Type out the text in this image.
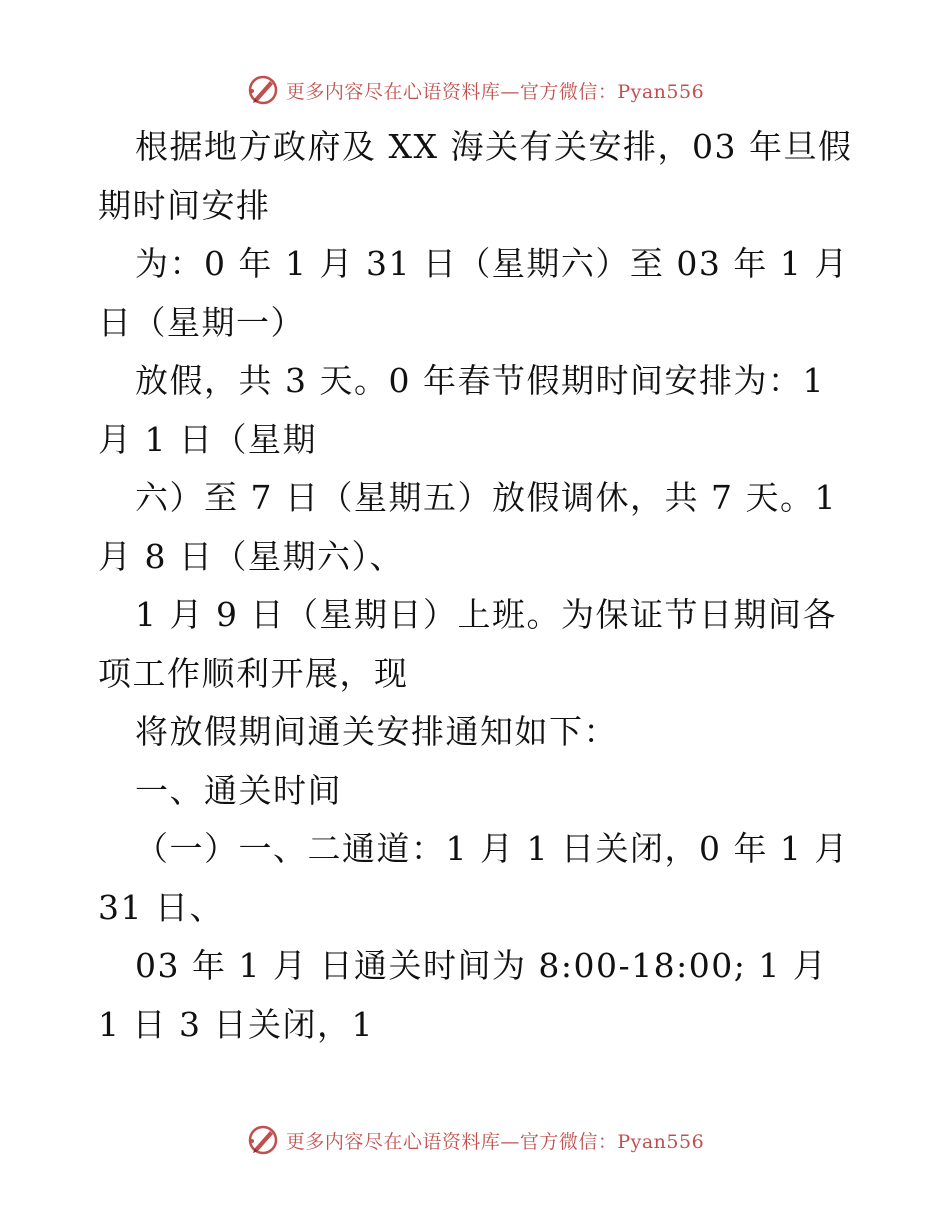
更多内容尽在心语资料库—官方微信：Pyan556
根据地方政府及 XX 海关有关安排，03 年旦假
期时间安排
为：0 年 1 月 31 日（星期六）至 03 年 1 月
日（星期一）
放假，共 3 天。0 年春节假期时间安排为：1
月 1 日（星期
六）至 7 日（星期五）放假调休，共 7 天。1
月 8 日（星期六）、
1 月 9 日（星期日）上班。为保证节日期间各
项工作顺利开展，现
将放假期间通关安排通知如下：
一、通关时间
（一）一、二通道：1 月 1 日关闭，0 年 1 月
31 日、
03 年 1 月 日通关时间为 8:00-18:00; 1 月
1 日 3 日关闭，1
更多内容尽在心语资料库—官方微信：Pyan556
